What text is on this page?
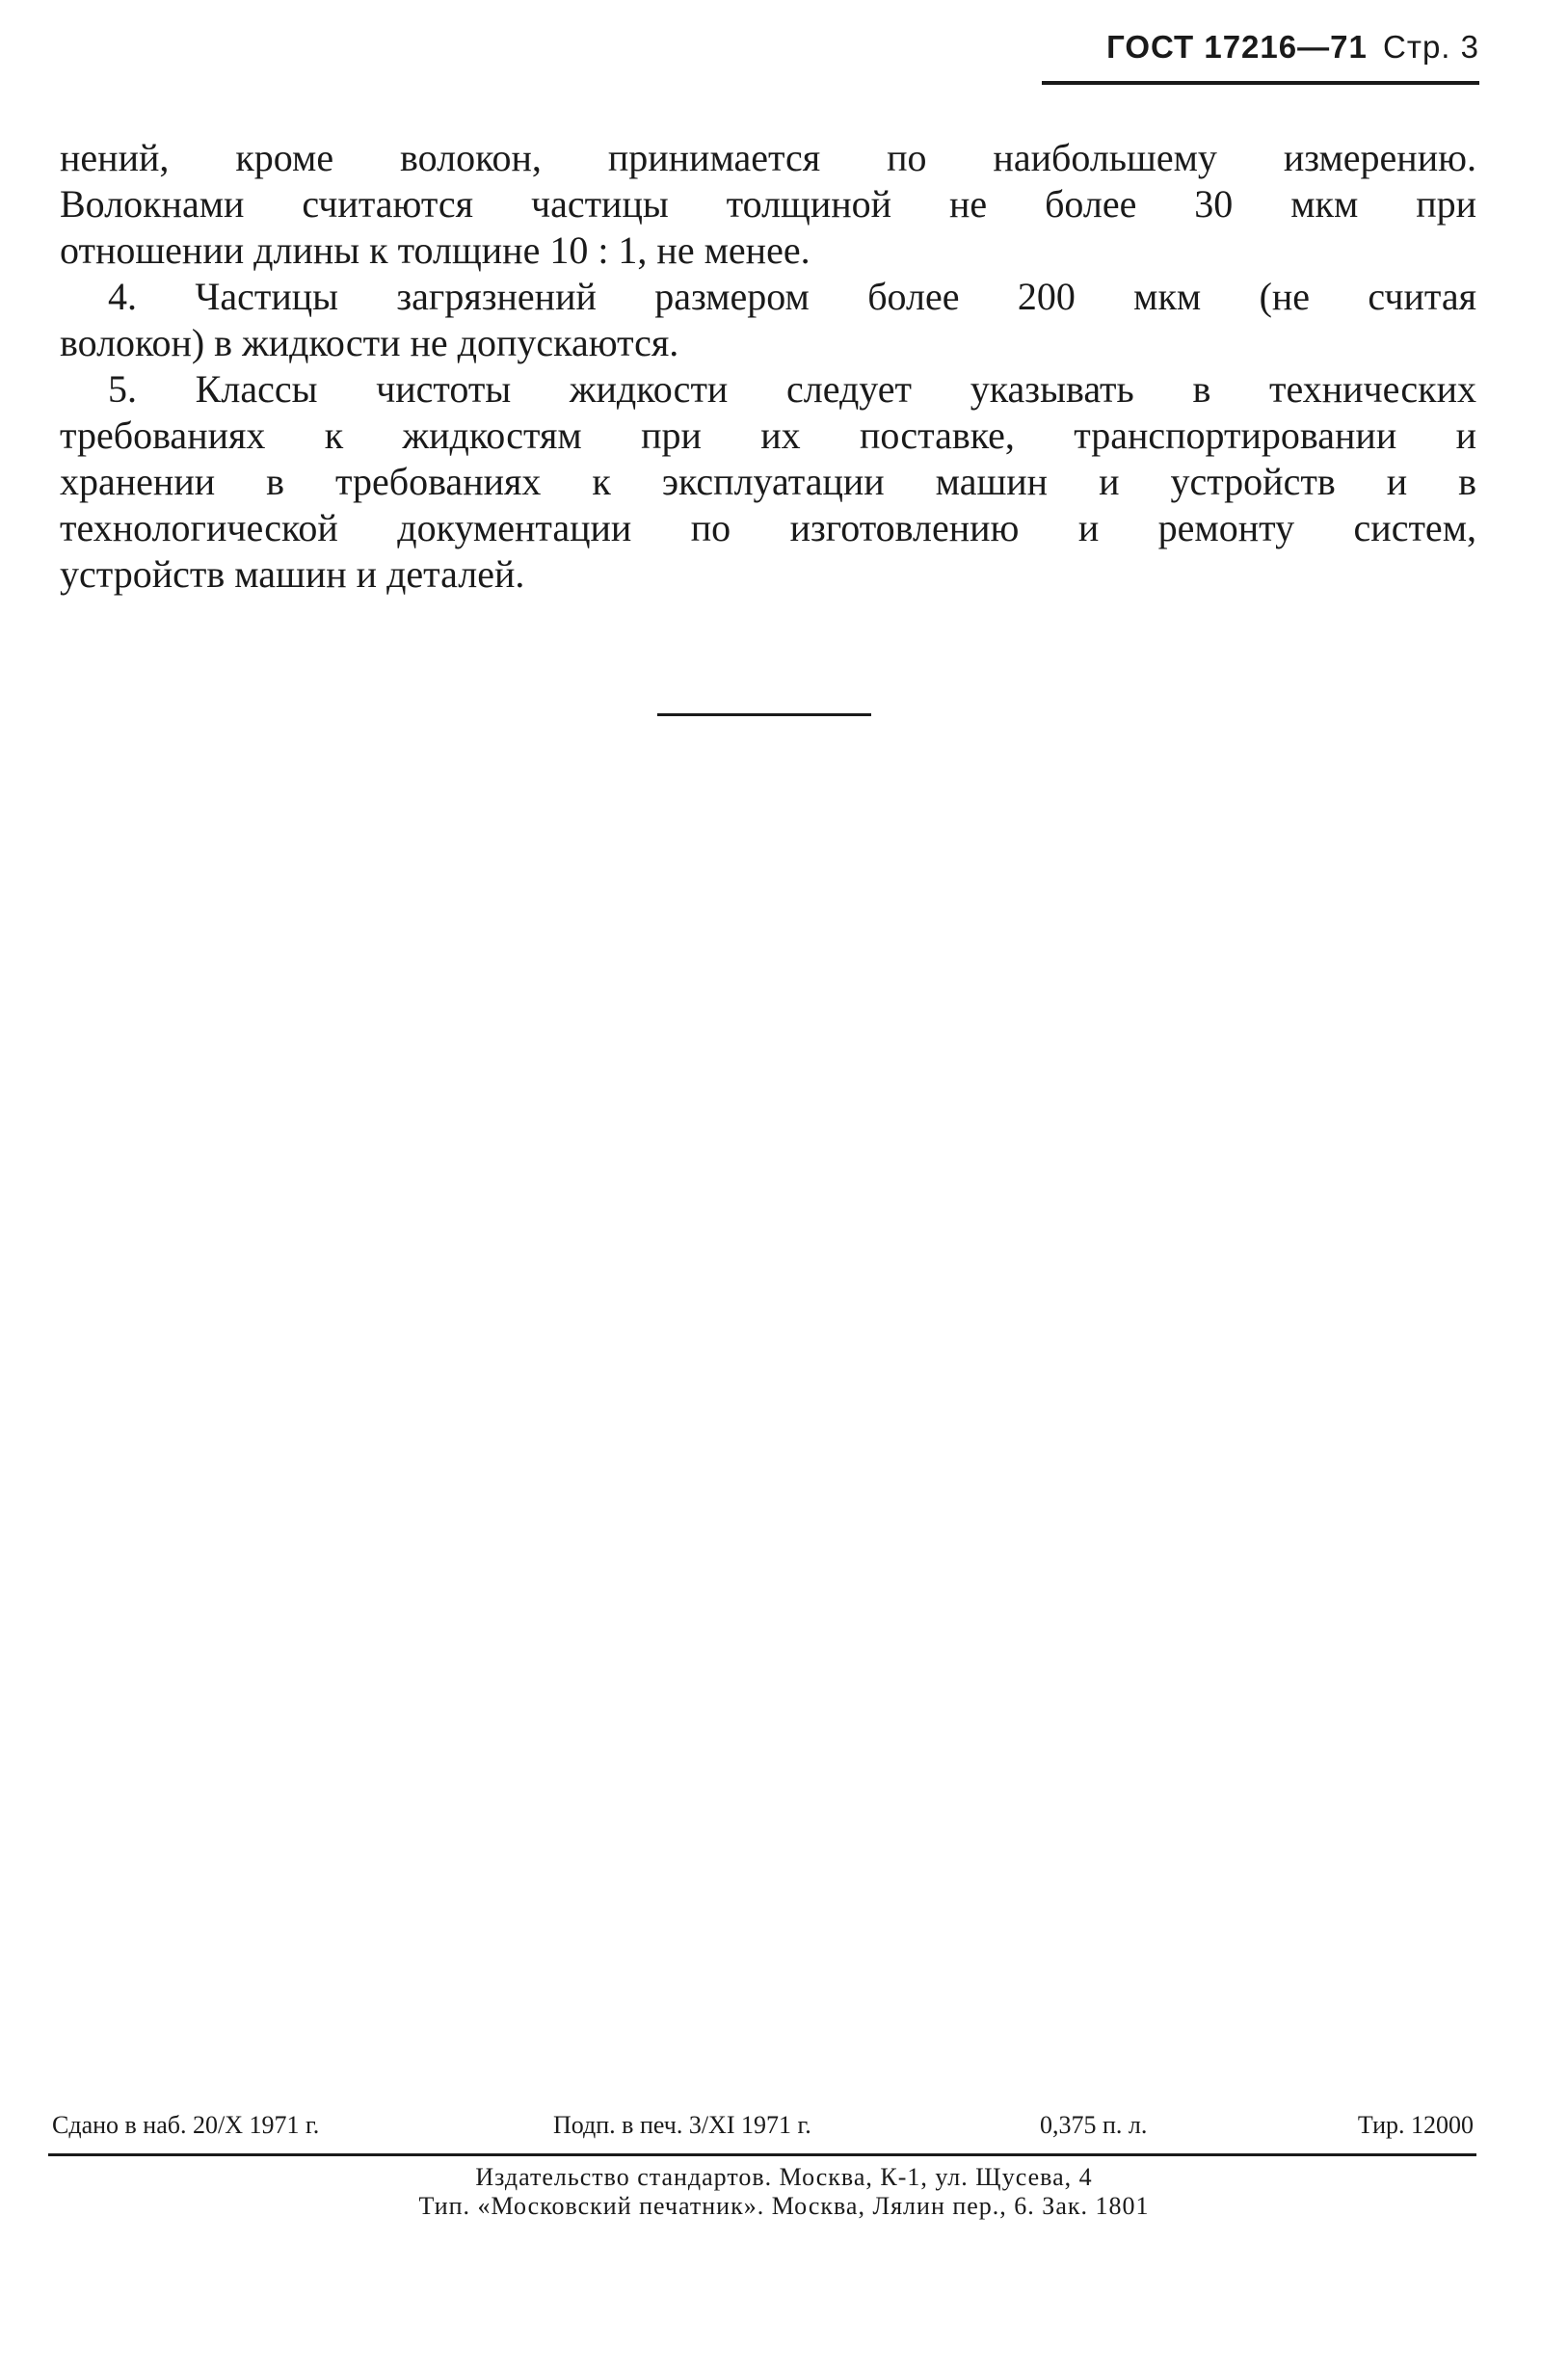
ГОСТ 17216—71 Стр. 3
нений, кроме волокон, принимается по наибольшему измерению.
Волокнами считаются частицы толщиной не более 30 мкм при
отношении длины к толщине 10 : 1, не менее.
4. Частицы загрязнений размером более 200 мкм (не считая
волокон) в жидкости не допускаются.
5. Классы чистоты жидкости следует указывать в технических
требованиях к жидкостям при их поставке, транспортировании и
хранении в требованиях к эксплуатации машин и устройств и в
технологической документации по изготовлению и ремонту систем,
устройств машин и деталей.
Сдано в наб. 20/X 1971 г.	Подп. в печ. 3/XI 1971 г.	0,375 п. л.	Тир. 12000
Издательство стандартов. Москва, К-1, ул. Щусева, 4
Тип. «Московский печатник». Москва, Лялин пер., 6. Зак. 1801
